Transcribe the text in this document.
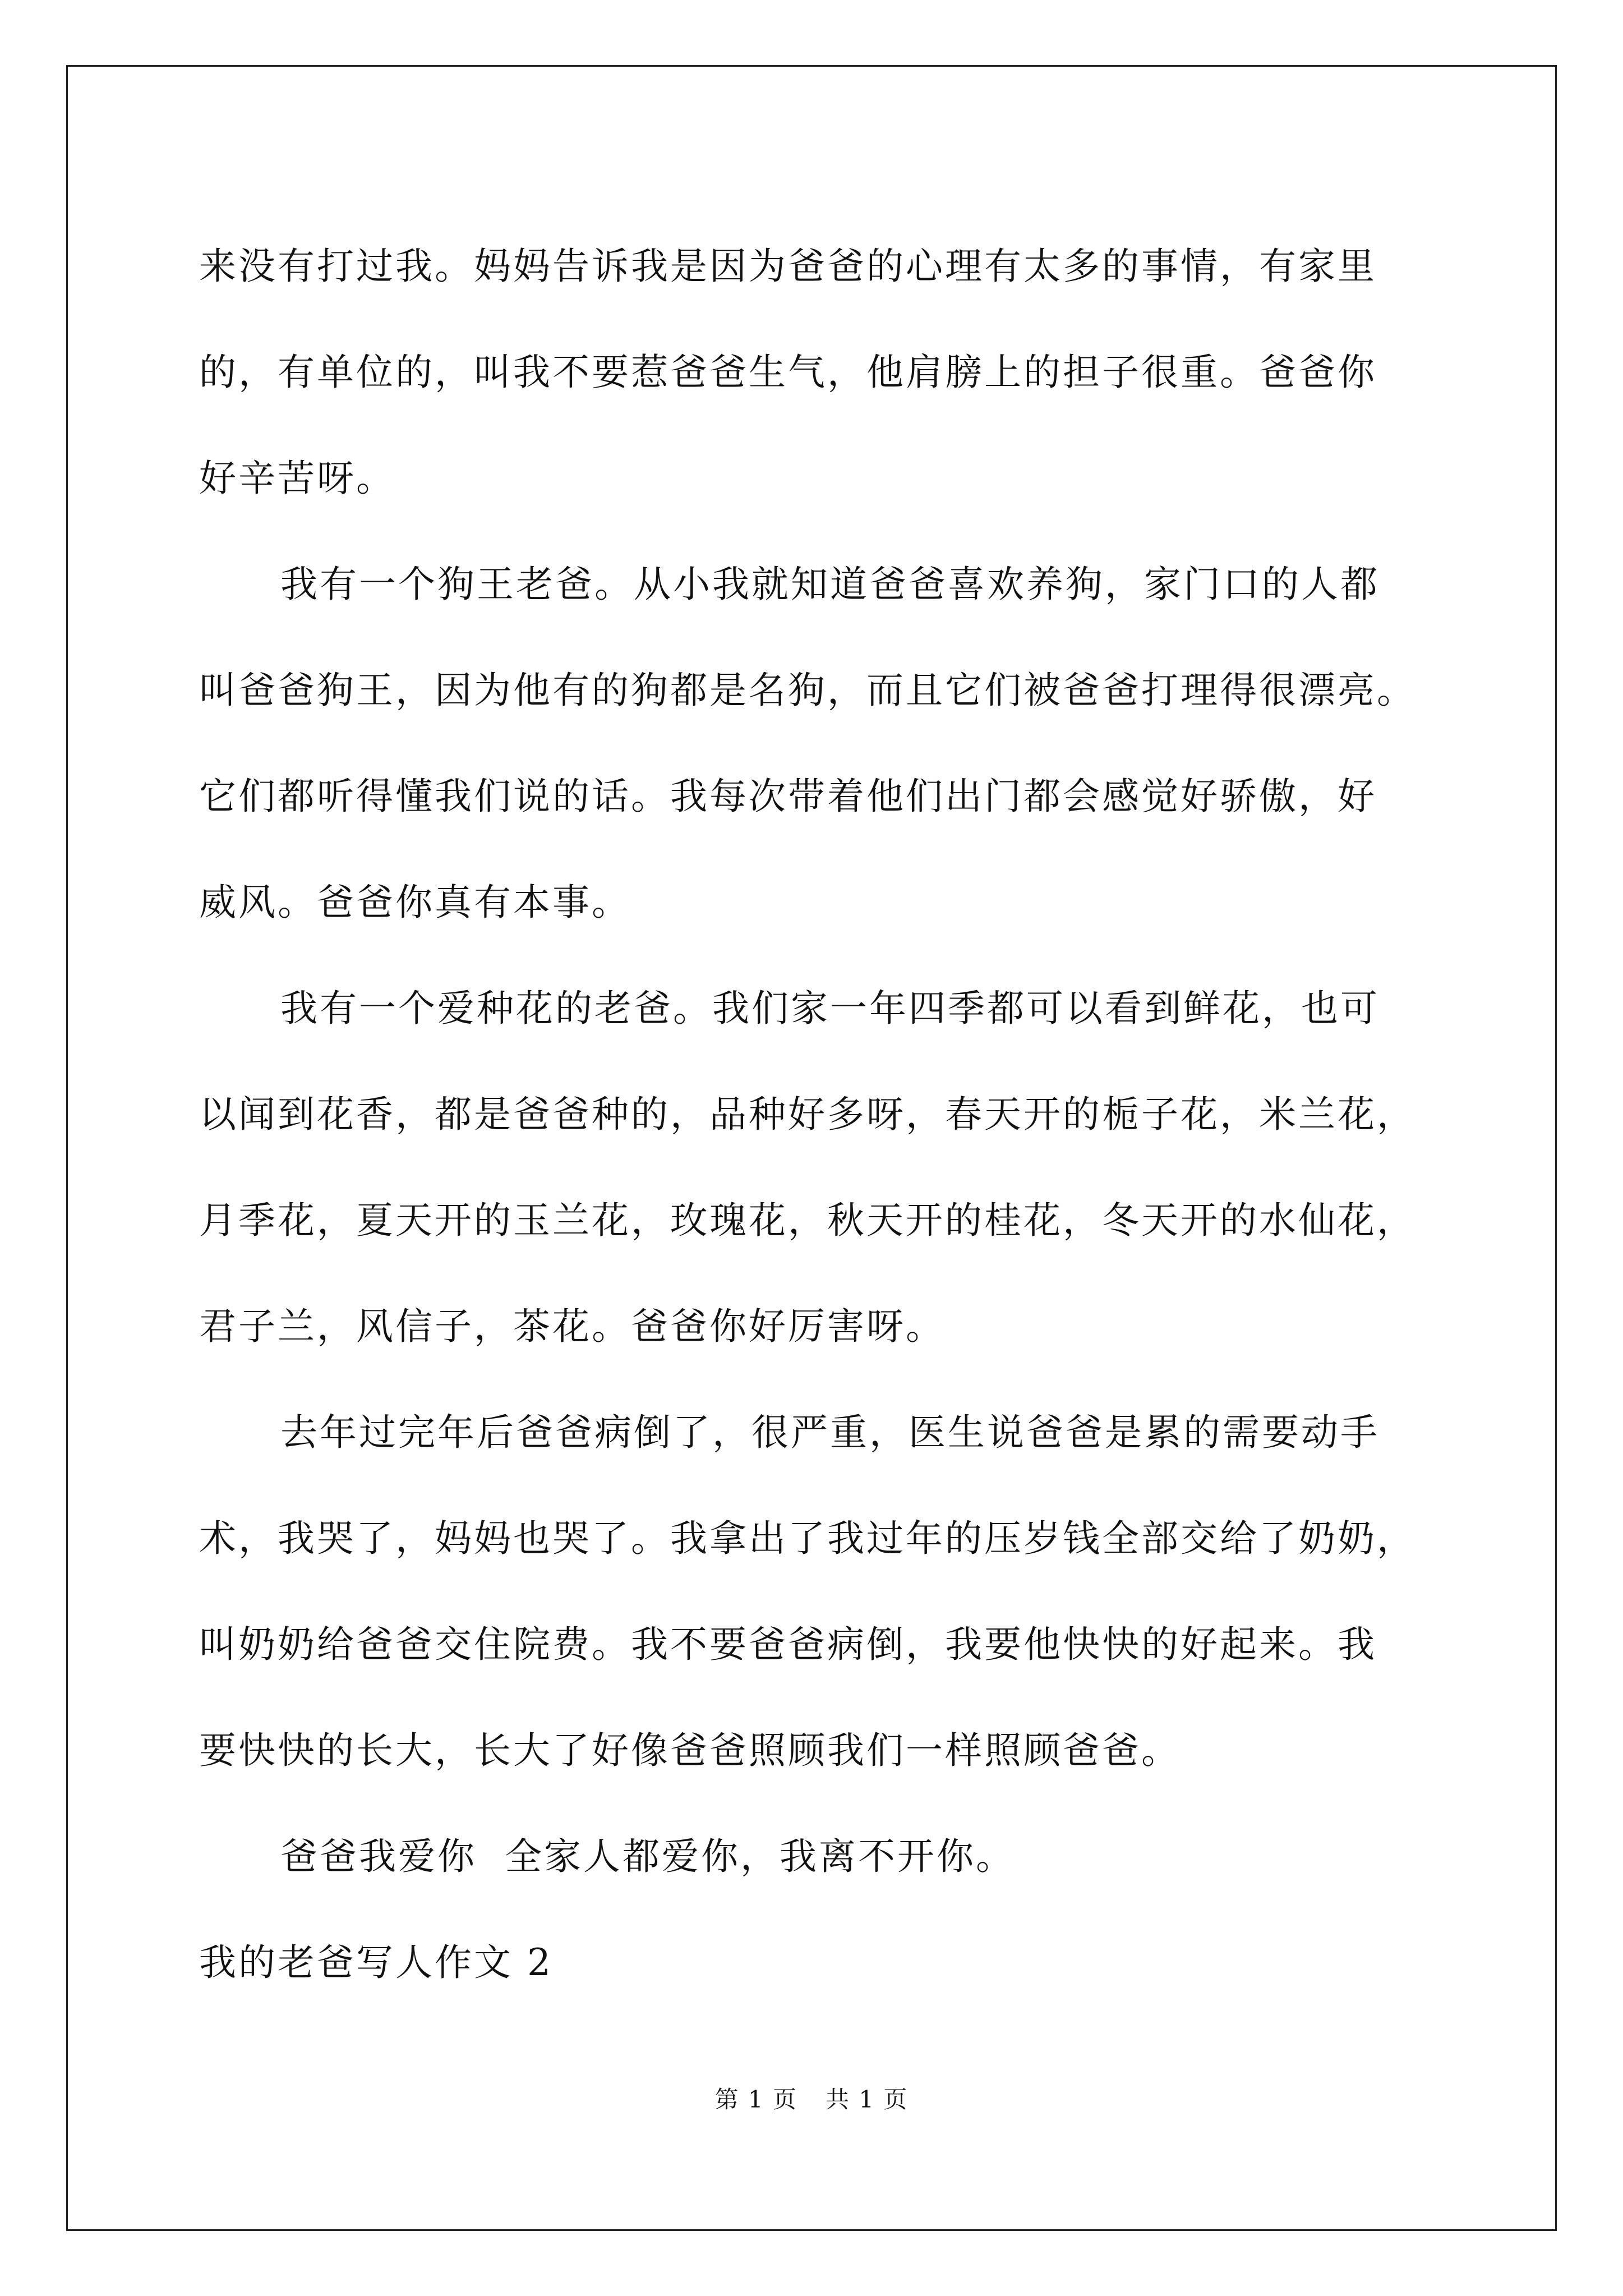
来没有打过我。妈妈告诉我是因为爸爸的心理有太多的事情，有家里
的，有单位的，叫我不要惹爸爸生气，他肩膀上的担子很重。爸爸你
好辛苦呀。
我有一个狗王老爸。从小我就知道爸爸喜欢养狗，家门口的人都
叫爸爸狗王，因为他有的狗都是名狗，而且它们被爸爸打理得很漂亮。
它们都听得懂我们说的话。我每次带着他们出门都会感觉好骄傲，好
威风。爸爸你真有本事。
我有一个爱种花的老爸。我们家一年四季都可以看到鲜花，也可
以闻到花香，都是爸爸种的，品种好多呀，春天开的栀子花，米兰花，
月季花，夏天开的玉兰花，玫瑰花，秋天开的桂花，冬天开的水仙花，
君子兰，风信子，茶花。爸爸你好厉害呀。
去年过完年后爸爸病倒了，很严重，医生说爸爸是累的需要动手
术，我哭了，妈妈也哭了。我拿出了我过年的压岁钱全部交给了奶奶，
叫奶奶给爸爸交住院费。我不要爸爸病倒，我要他快快的好起来。我
要快快的长大，长大了好像爸爸照顾我们一样照顾爸爸。
爸爸我爱你  全家人都爱你，我离不开你。
我的老爸写人作文 2
第 1 页 共 1 页
